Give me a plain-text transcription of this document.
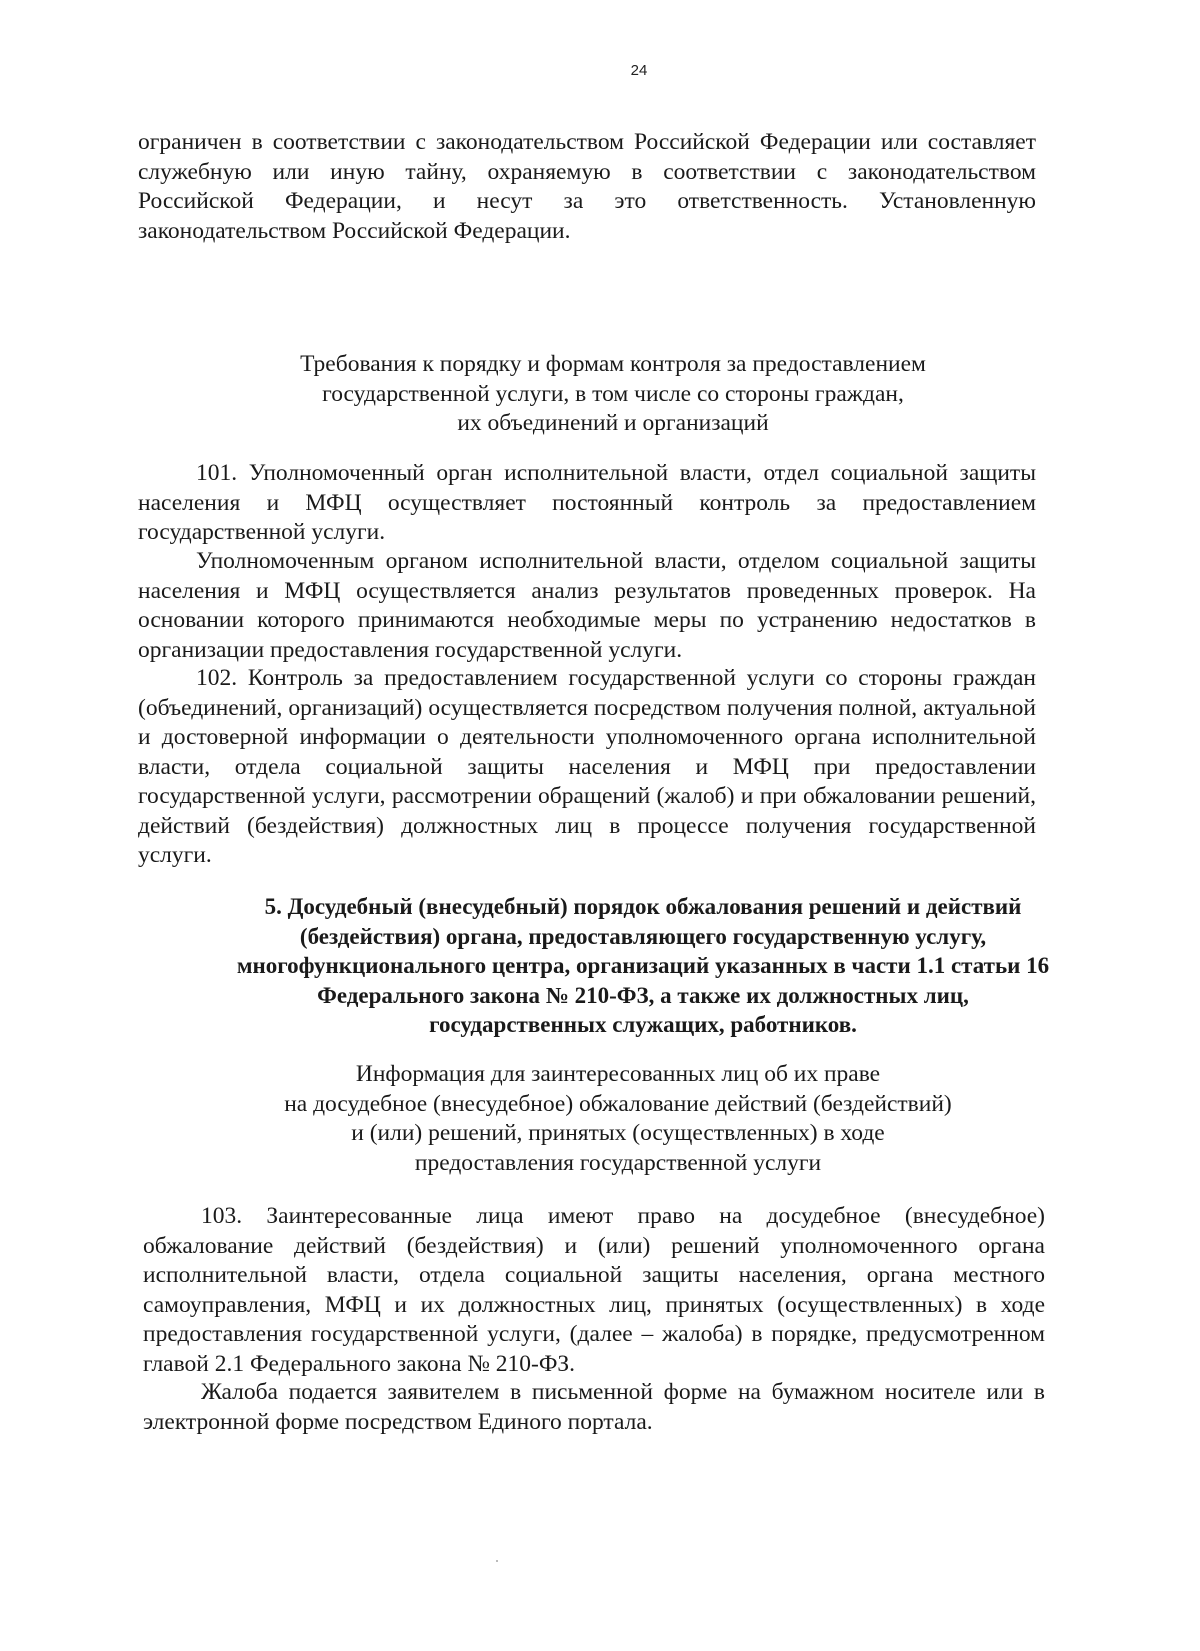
24

ограничен в соответствии с законодательством Российской Федерации или составляет служебную или иную тайну, охраняемую в соответствии с законодательством Российской Федерации, и несут за это ответственность. Установленную законодательством Российской Федерации.

Требования к порядку и формам контроля за предоставлением

государственной услуги, в том числе со стороны граждан,

их объединений и организаций

101. Уполномоченный орган исполнительной власти, отдел социальной защиты населения и МФЦ осуществляет постоянный контроль за предоставлением государственной услуги.

Уполномоченным органом исполнительной власти, отделом социальной защиты населения и МФЦ осуществляется анализ результатов проведенных проверок. На основании которого принимаются необходимые меры по устранению недостатков в организации предоставления государственной услуги.

102. Контроль за предоставлением государственной услуги со стороны граждан (объединений, организаций) осуществляется посредством получения полной, актуальной и достоверной информации о деятельности уполномоченного органа исполнительной власти, отдела социальной защиты населения и МФЦ при предоставлении государственной услуги, рассмотрении обращений (жалоб) и при обжаловании решений, действий (бездействия) должностных лиц в процессе получения государственной услуги.

5. Досудебный (внесудебный) порядок обжалования решений и действий

(бездействия) органа, предоставляющего государственную услугу,

многофункционального центра, организаций указанных в части 1.1 статьи 16

Федерального закона № 210-ФЗ, а также их должностных лиц,

государственных служащих, работников.

Информация для заинтересованных лиц об их праве

на досудебное (внесудебное) обжалование действий (бездействий)

и (или) решений, принятых (осуществленных) в ходе

предоставления государственной услуги

103. Заинтересованные лица имеют право на досудебное (внесудебное) обжалование действий (бездействия) и (или) решений уполномоченного органа исполнительной власти, отдела социальной защиты населения, органа местного самоуправления, МФЦ и их должностных лиц, принятых (осуществленных) в ходе предоставления государственной услуги, (далее – жалоба) в порядке, предусмотренном главой 2.1 Федерального закона № 210-ФЗ.

Жалоба подается заявителем в письменной форме на бумажном носителе или в электронной форме посредством Единого портала.
